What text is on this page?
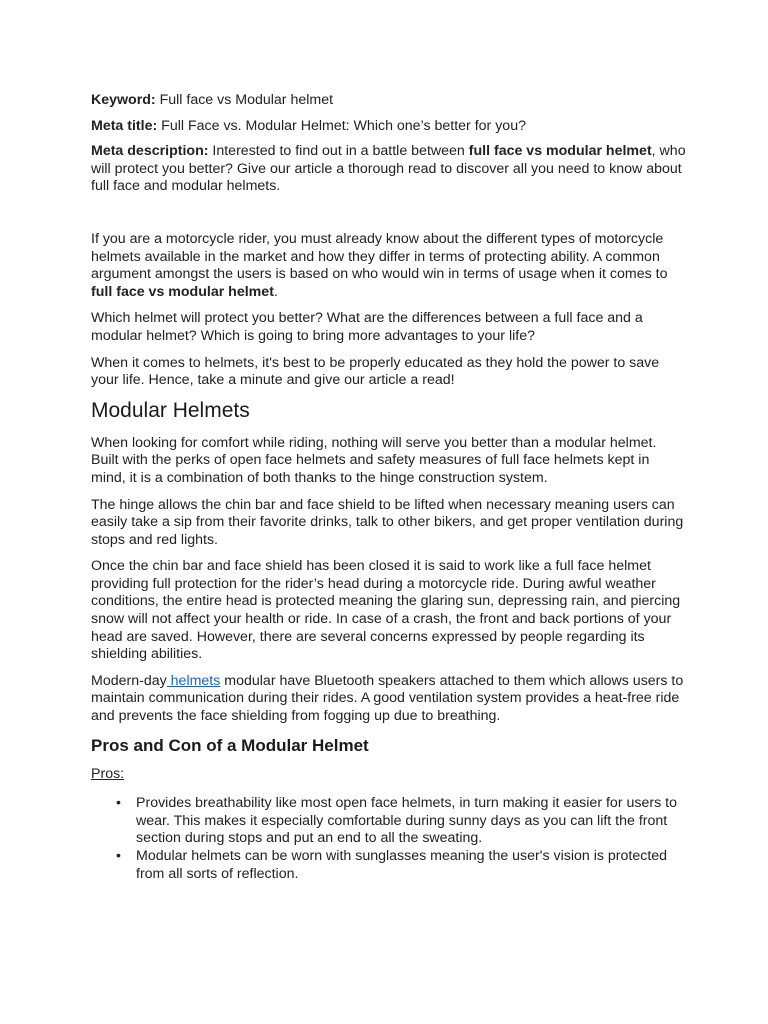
Keyword: Full face vs Modular helmet

Meta title: Full Face vs. Modular Helmet: Which one’s better for you?

Meta description: Interested to find out in a battle between full face vs modular helmet, who will protect you better? Give our article a thorough read to discover all you need to know about full face and modular helmets.

If you are a motorcycle rider, you must already know about the different types of motorcycle helmets available in the market and how they differ in terms of protecting ability. A common argument amongst the users is based on who would win in terms of usage when it comes to full face vs modular helmet.

Which helmet will protect you better? What are the differences between a full face and a modular helmet? Which is going to bring more advantages to your life?

When it comes to helmets, it's best to be properly educated as they hold the power to save your life. Hence, take a minute and give our article a read!

Modular Helmets

When looking for comfort while riding, nothing will serve you better than a modular helmet. Built with the perks of open face helmets and safety measures of full face helmets kept in mind, it is a combination of both thanks to the hinge construction system.

The hinge allows the chin bar and face shield to be lifted when necessary meaning users can easily take a sip from their favorite drinks, talk to other bikers, and get proper ventilation during stops and red lights.

Once the chin bar and face shield has been closed it is said to work like a full face helmet providing full protection for the rider’s head during a motorcycle ride. During awful weather conditions, the entire head is protected meaning the glaring sun, depressing rain, and piercing snow will not affect your health or ride. In case of a crash, the front and back portions of your head are saved. However, there are several concerns expressed by people regarding its shielding abilities.

Modern-day helmets modular have Bluetooth speakers attached to them which allows users to maintain communication during their rides. A good ventilation system provides a heat-free ride and prevents the face shielding from fogging up due to breathing.

Pros and Con of a Modular Helmet

Pros:

• Provides breathability like most open face helmets, in turn making it easier for users to wear. This makes it especially comfortable during sunny days as you can lift the front section during stops and put an end to all the sweating.
• Modular helmets can be worn with sunglasses meaning the user's vision is protected from all sorts of reflection.
